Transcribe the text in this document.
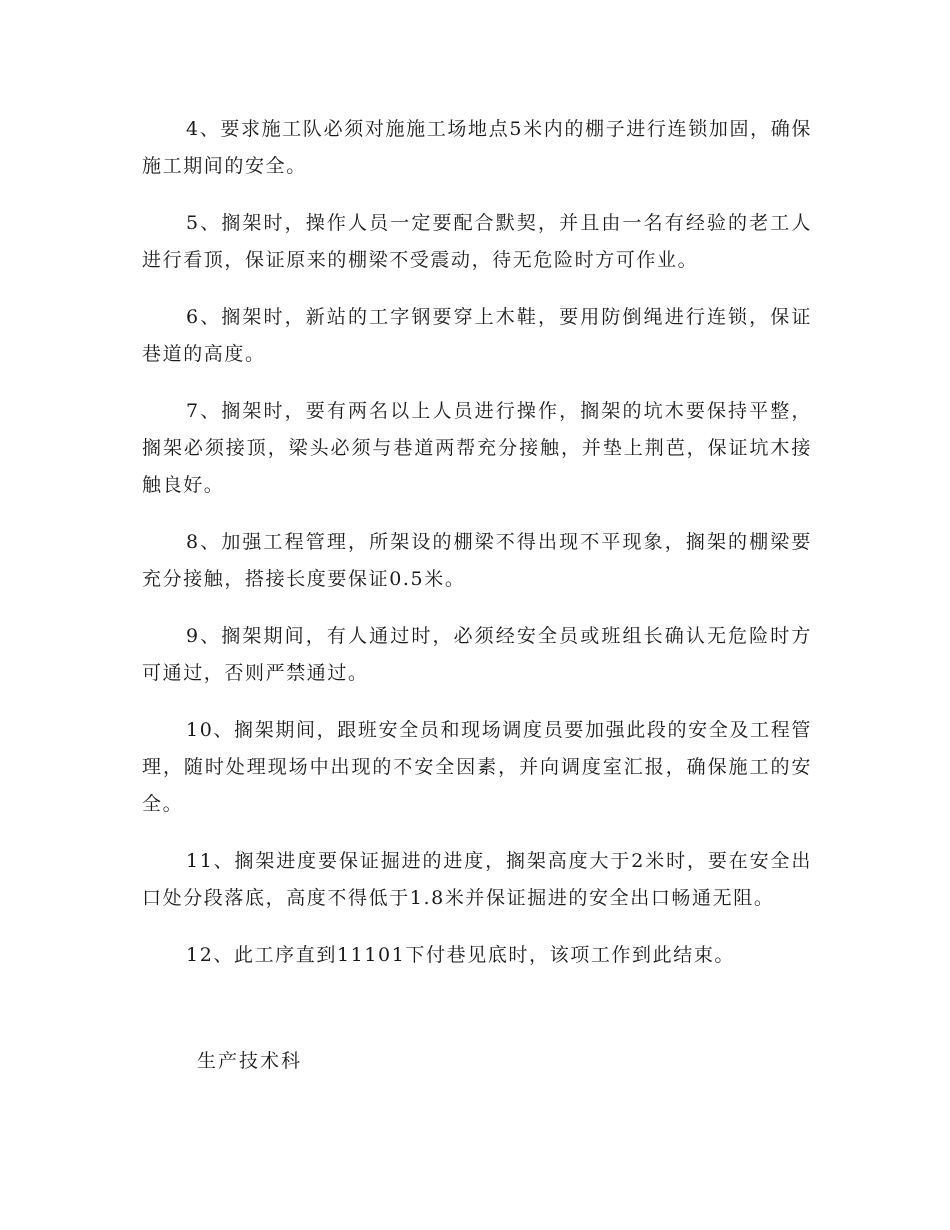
4、要求施工队必须对施施工场地点5米内的棚子进行连锁加固，确保施工期间的安全。

5、搁架时，操作人员一定要配合默契，并且由一名有经验的老工人进行看顶，保证原来的棚梁不受震动，待无危险时方可作业。

6、搁架时，新站的工字钢要穿上木鞋，要用防倒绳进行连锁，保证巷道的高度。

7、搁架时，要有两名以上人员进行操作，搁架的坑木要保持平整，搁架必须接顶，梁头必须与巷道两帮充分接触，并垫上荆芭，保证坑木接触良好。

8、加强工程管理，所架设的棚梁不得出现不平现象，搁架的棚梁要充分接触，搭接长度要保证0.5米。

9、搁架期间，有人通过时，必须经安全员或班组长确认无危险时方可通过，否则严禁通过。

10、搁架期间，跟班安全员和现场调度员要加强此段的安全及工程管理，随时处理现场中出现的不安全因素，并向调度室汇报，确保施工的安全。

11、搁架进度要保证掘进的进度，搁架高度大于2米时，要在安全出口处分段落底，高度不得低于1.8米并保证掘进的安全出口畅通无阻。

12、此工序直到11101下付巷见底时，该项工作到此结束。

生产技术科
